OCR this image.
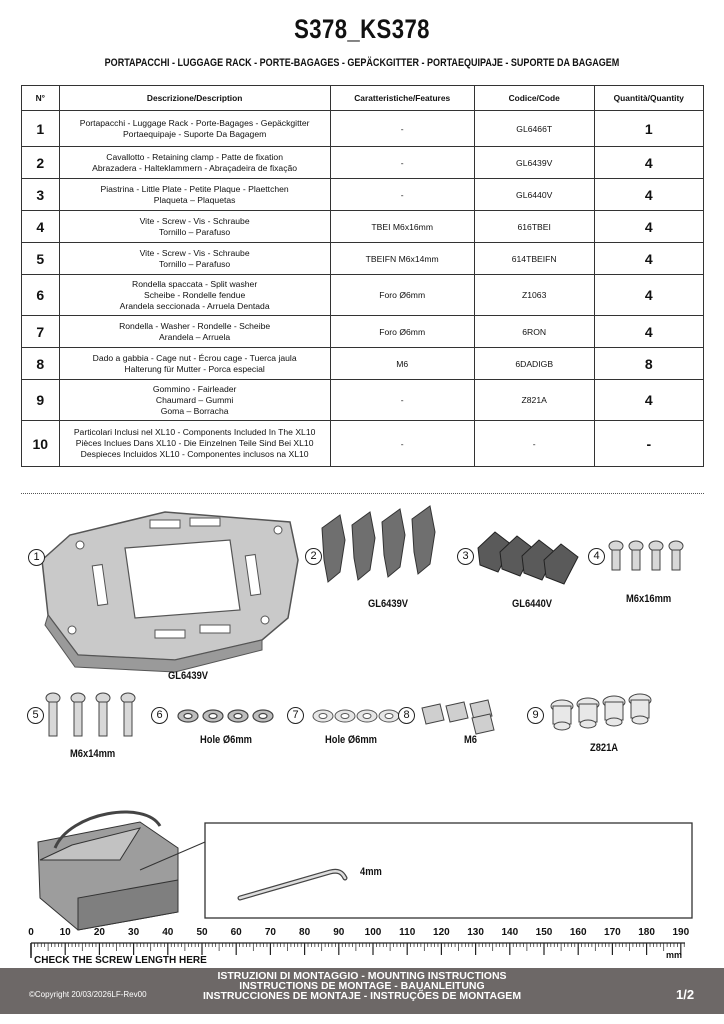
S378_KS378
PORTAPACCHI - LUGGAGE RACK - PORTE-BAGAGES - GEPÄCKGITTER - PORTAEQUIPAJE - SUPORTE DA BAGAGEM
N°	Descrizione/Description	Caratteristiche/Features	Codice/Code	Quantità/Quantity
1	Portapacchi - Luggage Rack - Porte-Bagages - Gepäckgitter
Portaequipaje - Suporte Da Bagagem	-	GL6466T	1
2	Cavallotto - Retaining clamp - Patte de fixation
Abrazadera - Halteklammern - Abraçadeira de fixação	-	GL6439V	4
3	Piastrina - Little Plate - Petite Plaque - Plaettchen
Plaqueta – Plaquetas	-	GL6440V	4
4	Vite - Screw - Vis - Schraube
Tornillo – Parafuso	TBEI M6x16mm	616TBEI	4
5	Vite - Screw - Vis - Schraube
Tornillo – Parafuso	TBEIFN M6x14mm	614TBEIFN	4
6	Rondella spaccata - Split washer
Scheibe - Rondelle fendue
Arandela seccionada - Arruela Dentada	Foro Ø6mm	Z1063	4
7	Rondella - Washer - Rondelle - Scheibe
Arandela – Arruela	Foro Ø6mm	6RON	4
8	Dado a gabbia - Cage nut - Écrou cage - Tuerca jaula
Halterung für Mutter - Porca especial	M6	6DADIGB	8
9	Gommino - Fairleader
Chaumard – Gummi
Goma – Borracha	-	Z821A	4
10	Particolari Inclusi nel XL10 - Components Included In The XL10
Pièces Inclues Dans XL10 - Die Einzelnen Teile Sind Bei XL10
Despieces Incluidos XL10 - Componentes inclusos na XL10	-	-	-
1	2	3	4
5	6	7	8	9
GL6439V
GL6439V	GL6440V	M6x16mm
M6x14mm
Hole Ø6mm	Hole Ø6mm	M6
Z821A
4mm
0	10 20 30 40 50 60 70 80 90 100 110 120 130 140 150 160 170 180 190
CHECK THE SCREW LENGTH HERE	mm
ISTRUZIONI DI MONTAGGIO - MOUNTING INSTRUCTIONS
INSTRUCTIONS DE MONTAGE - BAUANLEITUNG
INSTRUCCIONES DE MONTAJE - INSTRUÇÕES DE MONTAGEM
©Copyright 20/03/2026LF-Rev00	1/2
